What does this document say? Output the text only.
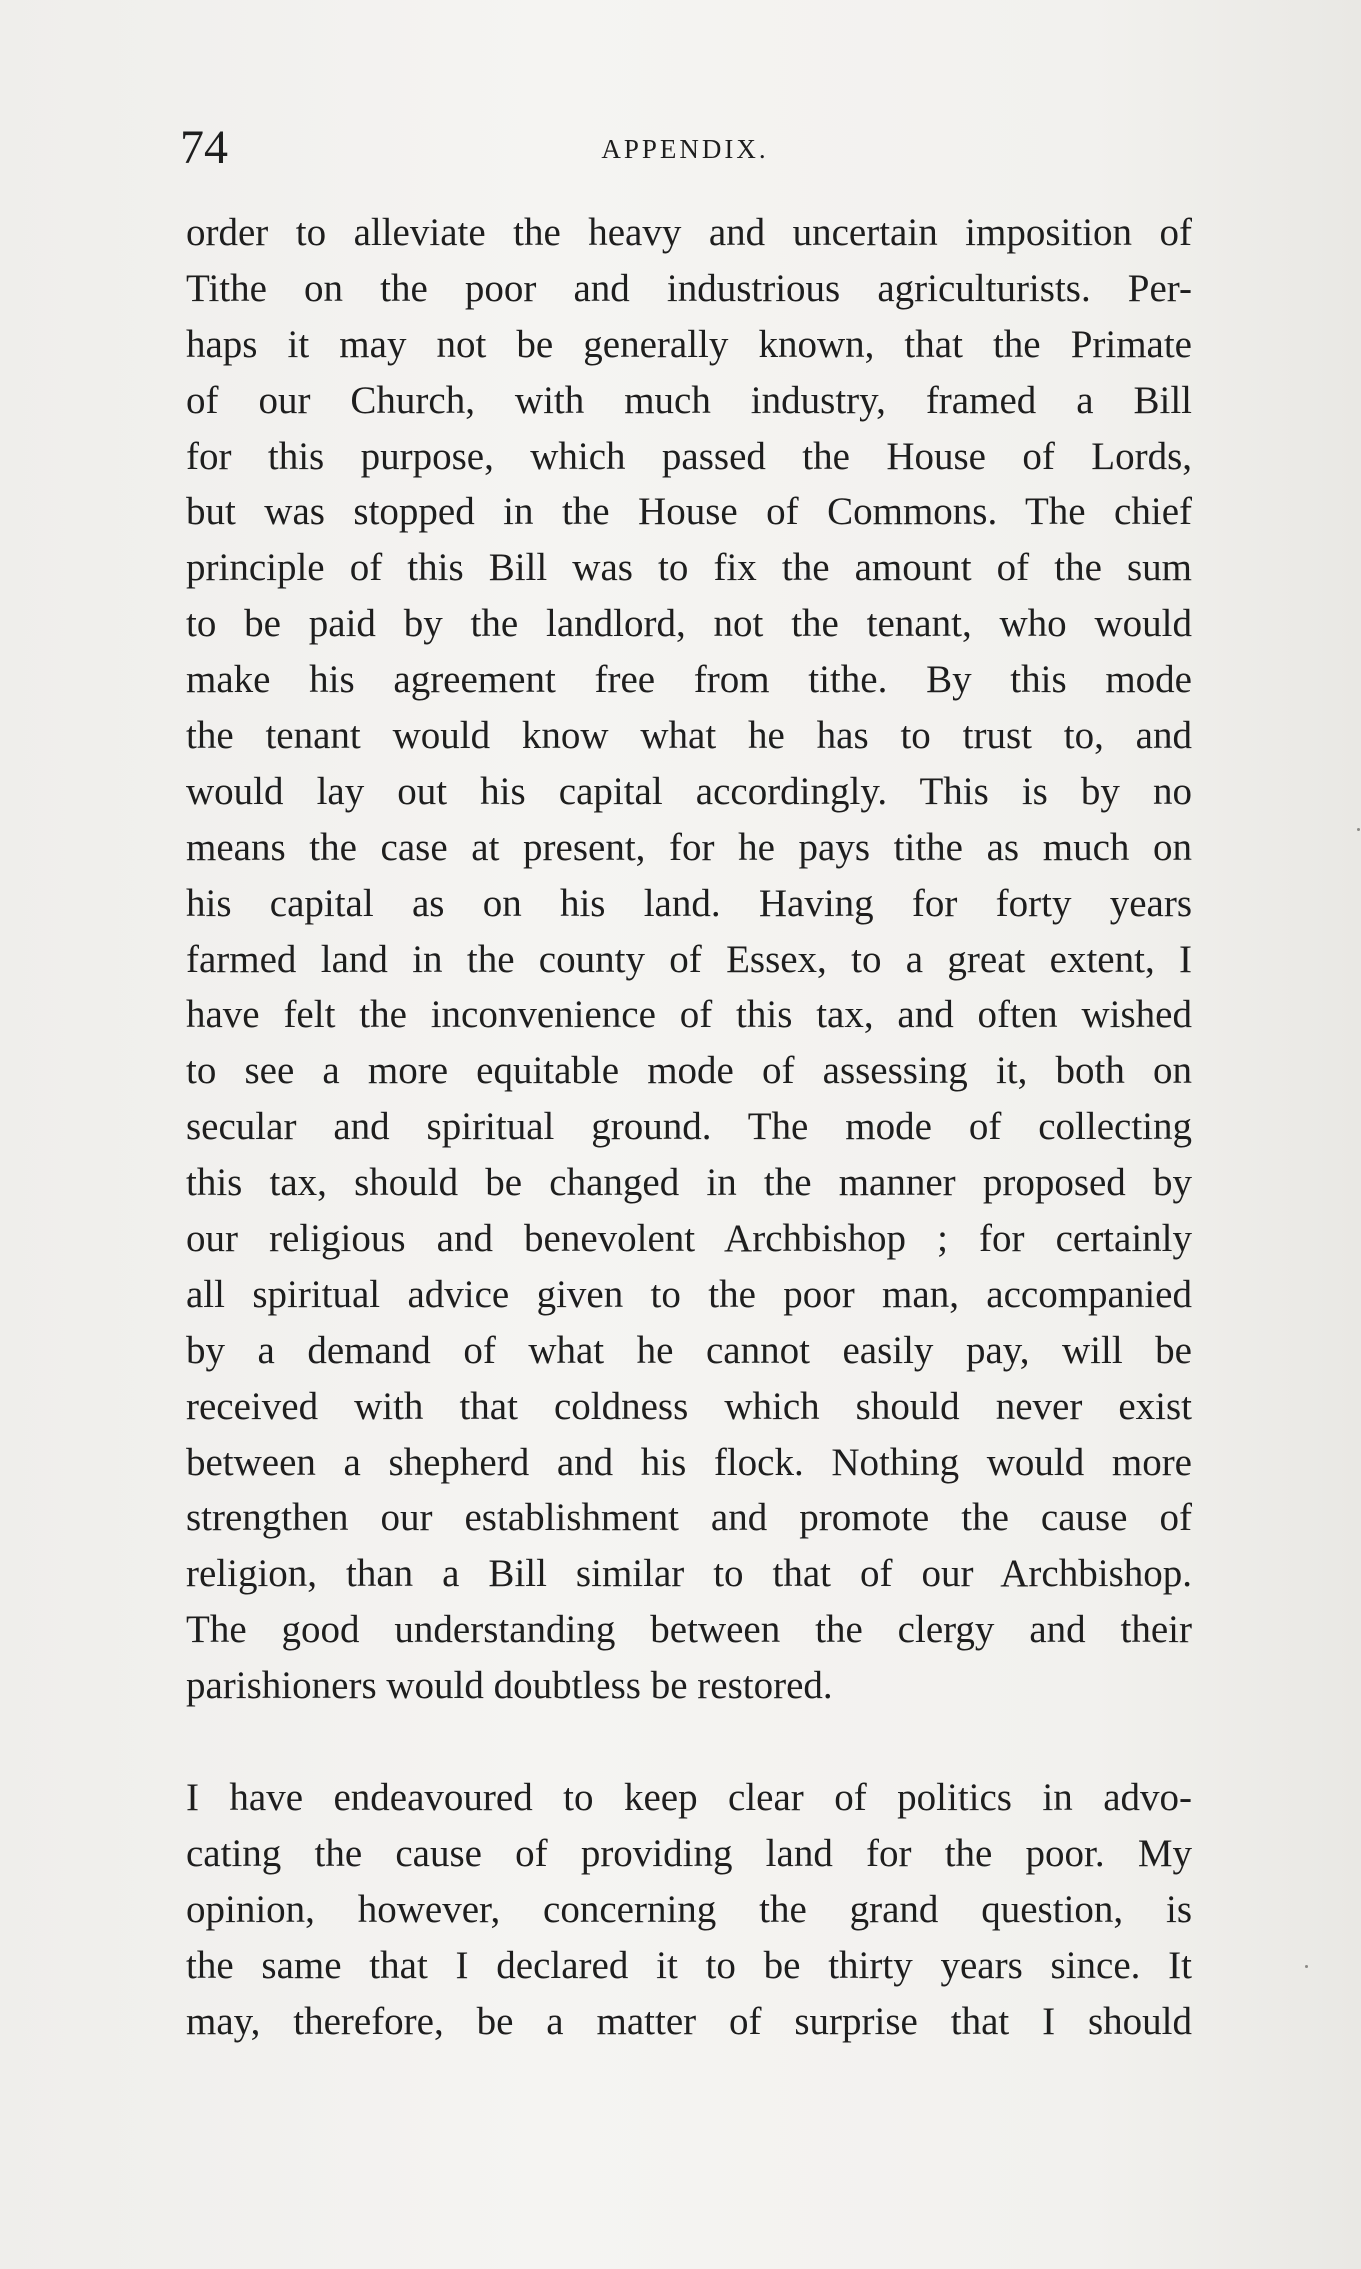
74	APPENDIX.
order to alleviate the heavy and uncertain imposition of
Tithe on the poor and industrious agriculturists. Per-
haps it may not be generally known, that the Primate
of our Church, with much industry, framed a Bill
for this purpose, which passed the House of Lords,
but was stopped in the House of Commons. The chief
principle of this Bill was to fix the amount of the sum
to be paid by the landlord, not the tenant, who would
make his agreement free from tithe. By this mode
the tenant would know what he has to trust to, and
would lay out his capital accordingly. This is by no
means the case at present, for he pays tithe as much on
his capital as on his land. Having for forty years
farmed land in the county of Essex, to a great extent, I
have felt the inconvenience of this tax, and often wished
to see a more equitable mode of assessing it, both on
secular and spiritual ground. The mode of collecting
this tax, should be changed in the manner proposed by
our religious and benevolent Archbishop ; for certainly
all spiritual advice given to the poor man, accompanied
by a demand of what he cannot easily pay, will be
received with that coldness which should never exist
between a shepherd and his flock. Nothing would more
strengthen our establishment and promote the cause of
religion, than a Bill similar to that of our Archbishop.
The good understanding between the clergy and their
parishioners would doubtless be restored.
I have endeavoured to keep clear of politics in advo-
cating the cause of providing land for the poor. My
opinion, however, concerning the grand question, is
the same that I declared it to be thirty years since. It
may, therefore, be a matter of surprise that I should
